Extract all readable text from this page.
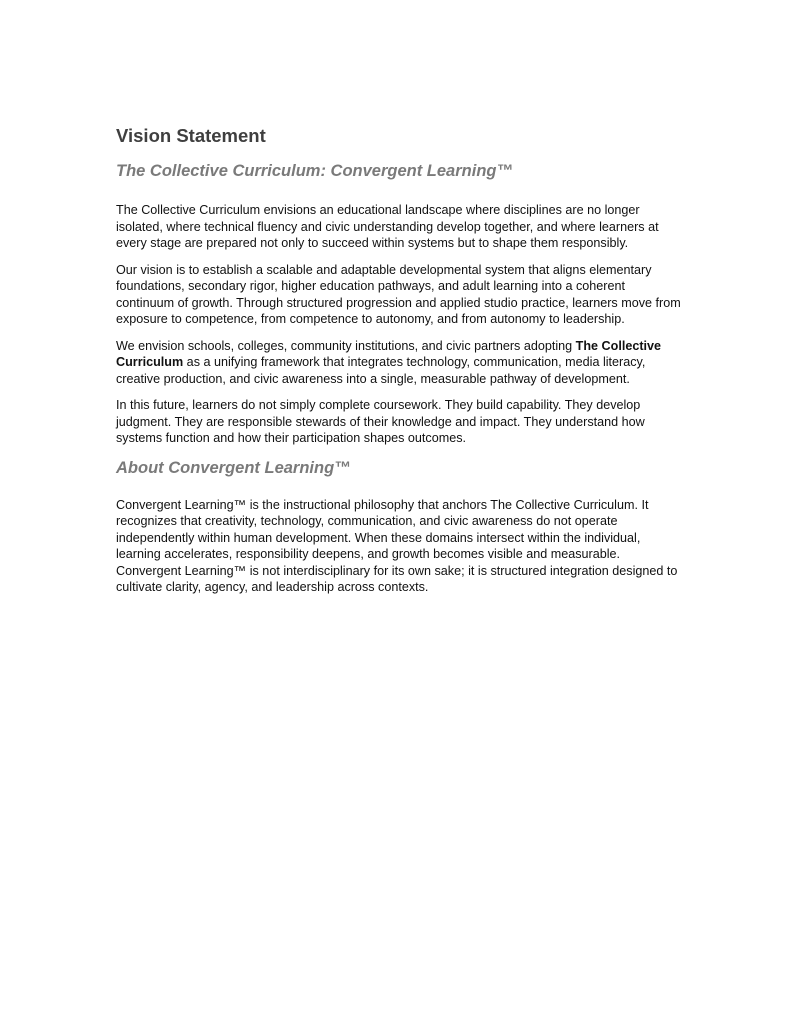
Vision Statement
The Collective Curriculum: Convergent Learning™

The Collective Curriculum envisions an educational landscape where disciplines are no longer isolated, where technical fluency and civic understanding develop together, and where learners at every stage are prepared not only to succeed within systems but to shape them responsibly.

Our vision is to establish a scalable and adaptable developmental system that aligns elementary foundations, secondary rigor, higher education pathways, and adult learning into a coherent continuum of growth. Through structured progression and applied studio practice, learners move from exposure to competence, from competence to autonomy, and from autonomy to leadership.

We envision schools, colleges, community institutions, and civic partners adopting The Collective Curriculum as a unifying framework that integrates technology, communication, media literacy, creative production, and civic awareness into a single, measurable pathway of development.

In this future, learners do not simply complete coursework. They build capability. They develop judgment. They are responsible stewards of their knowledge and impact. They understand how systems function and how their participation shapes outcomes.

About Convergent Learning™

Convergent Learning™ is the instructional philosophy that anchors The Collective Curriculum. It recognizes that creativity, technology, communication, and civic awareness do not operate independently within human development. When these domains intersect within the individual, learning accelerates, responsibility deepens, and growth becomes visible and measurable. Convergent Learning™ is not interdisciplinary for its own sake; it is structured integration designed to cultivate clarity, agency, and leadership across contexts.
